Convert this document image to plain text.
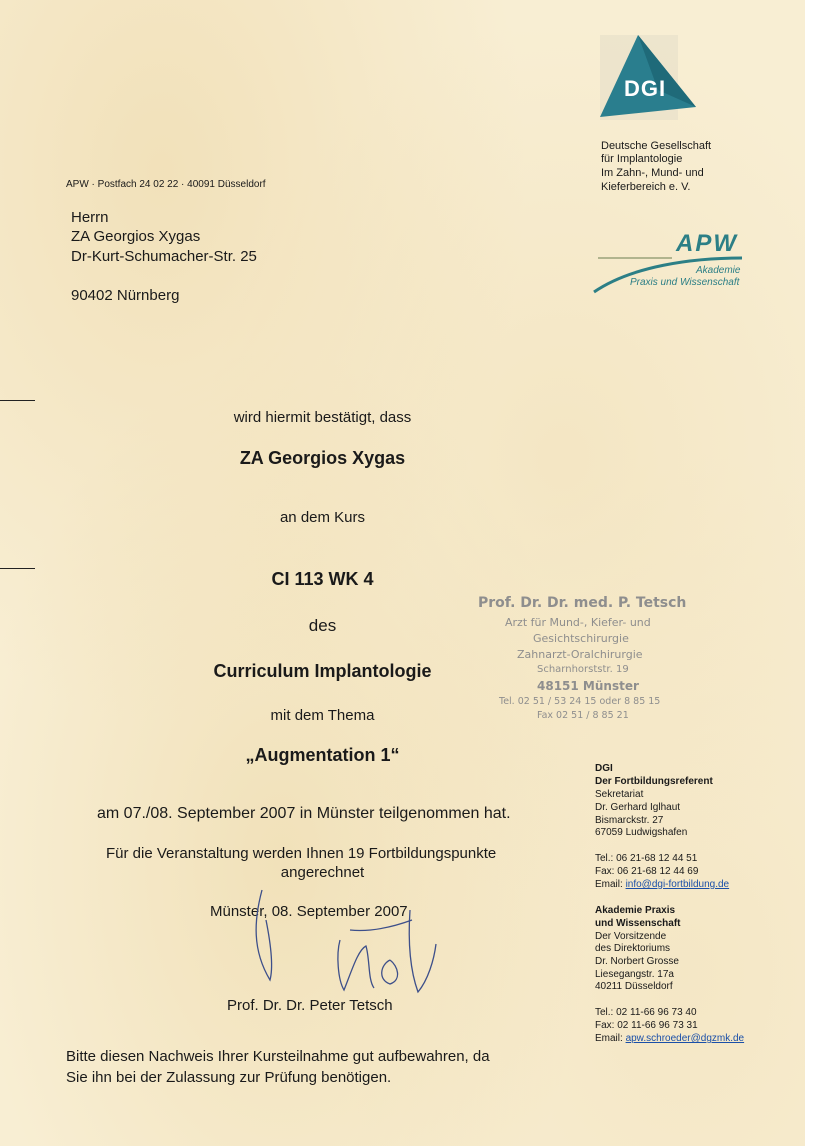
DGI
Deutsche Gesellschaft
für Implantologie
Im Zahn-, Mund- und
Kieferbereich e. V.
APW
Akademie
Praxis und Wissenschaft
APW · Postfach 24 02 22 · 40091 Düsseldorf
Herrn
ZA Georgios Xygas
Dr-Kurt-Schumacher-Str. 25
90402 Nürnberg
wird hiermit bestätigt, dass
ZA Georgios Xygas
an dem Kurs
CI 113 WK 4
des
Curriculum Implantologie
mit dem Thema
„Augmentation 1“
am 07./08. September 2007 in Münster teilgenommen hat.
Für die Veranstaltung werden Ihnen 19 Fortbildungspunkte
angerechnet
Münster, 08. September 2007
Prof. Dr. Dr. Peter Tetsch
Bitte diesen Nachweis Ihrer Kursteilnahme gut aufbewahren, da
Sie ihn bei der Zulassung zur Prüfung benötigen.
Prof. Dr. Dr. med. P. Tetsch
Arzt für Mund-, Kiefer- und
Gesichtschirurgie
Zahnarzt-Oralchirurgie
Scharnhorststr. 19
48151 Münster
Tel. 02 51 / 53 24 15 oder 8 85 15
Fax 02 51 / 8 85 21
DGI
Der Fortbildungsreferent
Sekretariat
Dr. Gerhard Iglhaut
Bismarckstr. 27
67059 Ludwigshafen
Tel.: 06 21-68 12 44 51
Fax: 06 21-68 12 44 69
Email: info@dgi-fortbildung.de
Akademie Praxis
und Wissenschaft
Der Vorsitzende
des Direktoriums
Dr. Norbert Grosse
Liesegangstr. 17a
40211 Düsseldorf
Tel.: 02 11-66 96 73 40
Fax: 02 11-66 96 73 31
Email: apw.schroeder@dgzmk.de
